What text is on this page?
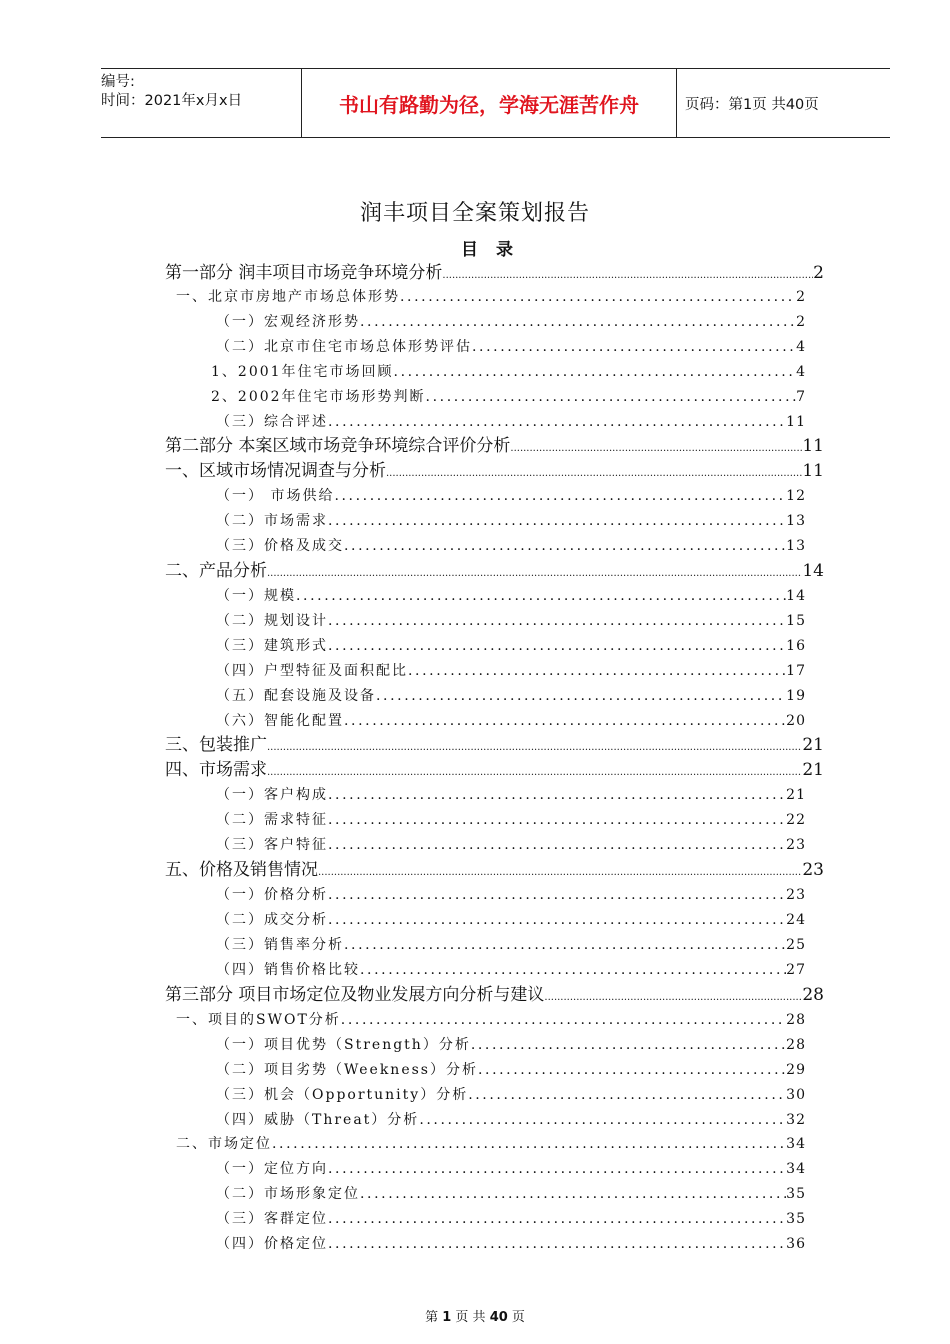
编号:
时间：2021年x月x日	书山有路勤为径，学海无涯苦作舟	页码：第1页 共40页
润丰项目全案策划报告
目 录
第一部分 润丰项目市场竞争环境分析 .....	2
一、北京市房地产市场总体形势 .....	2
（一）宏观经济形势 .....	2
（二）北京市住宅市场总体形势评估 .....	4
1、2001年住宅市场回顾 .....	4
2、2002年住宅市场形势判断 .....	7
（三）综合评述 .....	11
第二部分 本案区域市场竞争环境综合评价分析 .....	11
一、区域市场情况调查与分析 .....	11
（一） 市场供给 .....	12
（二）市场需求 .....	13
（三）价格及成交 .....	13
二、产品分析 .....	14
（一）规模 .....	14
（二）规划设计 .....	15
（三）建筑形式 .....	16
（四）户型特征及面积配比 .....	17
（五）配套设施及设备 .....	19
（六）智能化配置 .....	20
三、包装推广 .....	21
四、市场需求 .....	21
（一）客户构成 .....	21
（二）需求特征 .....	22
（三）客户特征 .....	23
五、价格及销售情况 .....	23
（一）价格分析 .....	23
（二）成交分析 .....	24
（三）销售率分析 .....	25
（四）销售价格比较 .....	27
第三部分 项目市场定位及物业发展方向分析与建议 .....	28
一、项目的SWOT分析 .....	28
（一）项目优势（Strength）分析 .....	28
（二）项目劣势（Weekness）分析 .....	29
（三）机会（Opportunity）分析 .....	30
（四）威胁（Threat）分析 .....	32
二、市场定位 .....	34
（一）定位方向 .....	34
（二）市场形象定位 .....	35
（三）客群定位 .....	35
（四）价格定位 .....	36
第 1 页 共 40 页
